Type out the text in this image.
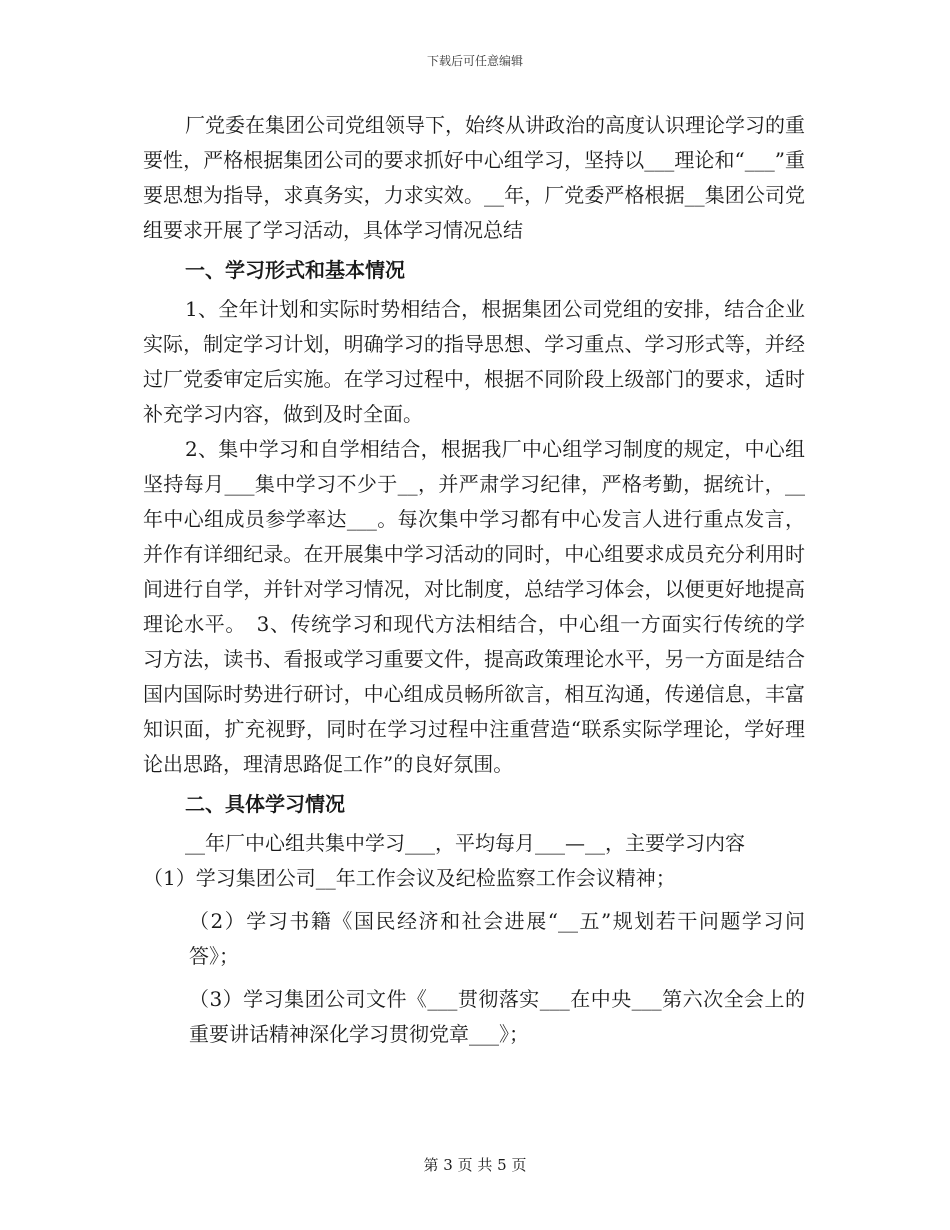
下载后可任意编辑

厂党委在集团公司党组领导下，始终从讲政治的高度认识理论学习的重要性，严格根据集团公司的要求抓好中心组学习，坚持以___理论和“___”重要思想为指导，求真务实，力求实效。__年，厂党委严格根据__集团公司党组要求开展了学习活动，具体学习情况总结

一、学习形式和基本情况

1、全年计划和实际时势相结合，根据集团公司党组的安排，结合企业实际，制定学习计划，明确学习的指导思想、学习重点、学习形式等，并经过厂党委审定后实施。在学习过程中，根据不同阶段上级部门的要求，适时补充学习内容，做到及时全面。

2、集中学习和自学相结合，根据我厂中心组学习制度的规定，中心组坚持每月___集中学习不少于__，并严肃学习纪律，严格考勤，据统计，__年中心组成员参学率达___。每次集中学习都有中心发言人进行重点发言，并作有详细纪录。在开展集中学习活动的同时，中心组要求成员充分利用时间进行自学，并针对学习情况，对比制度，总结学习体会，以便更好地提高理论水平。　3、传统学习和现代方法相结合，中心组一方面实行传统的学习方法，读书、看报或学习重要文件，提高政策理论水平，另一方面是结合国内国际时势进行研讨，中心组成员畅所欲言，相互沟通，传递信息，丰富知识面，扩充视野，同时在学习过程中注重营造“联系实际学理论，学好理论出思路，理清思路促工作”的良好氛围。

二、具体学习情况

__年厂中心组共集中学习___，平均每月___—__，主要学习内容

（1）学习集团公司__年工作会议及纪检监察工作会议精神；

（2）学习书籍《国民经济和社会进展“__五”规划若干问题学习问答》；

（3）学习集团公司文件《___贯彻落实___在中央___第六次全会上的重要讲话精神深化学习贯彻党章___》；

第 3 页 共 5 页
